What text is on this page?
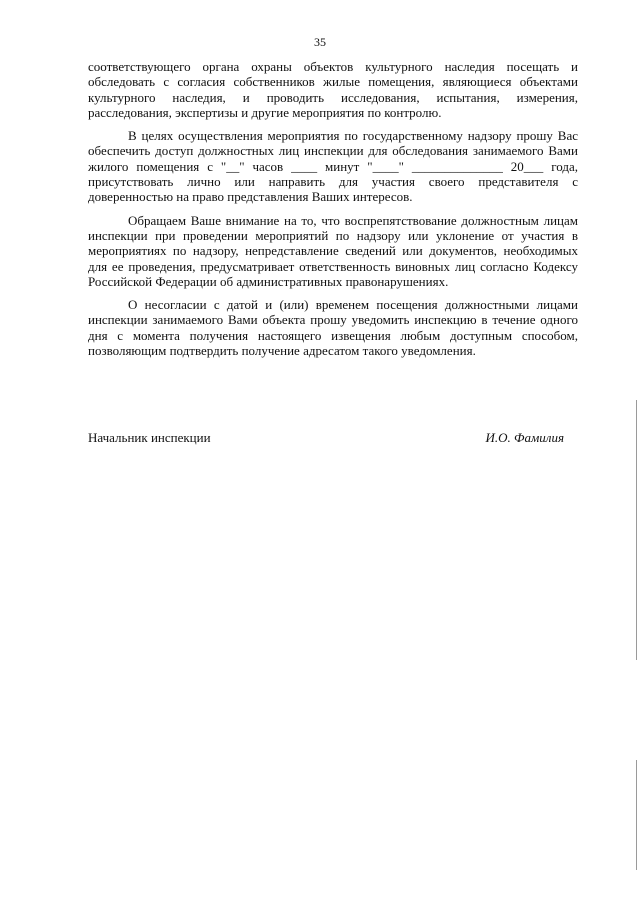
35

соответствующего органа охраны объектов культурного наследия посещать и обследовать с согласия собственников жилые помещения, являющиеся объектами культурного наследия, и проводить исследования, испытания, измерения, расследования, экспертизы и другие мероприятия по контролю.

В целях осуществления мероприятия по государственному надзору прошу Вас обеспечить доступ должностных лиц инспекции для обследования занимаемого Вами жилого помещения с "__" часов ____ минут "____" ______________ 20___ года, присутствовать лично или направить для участия своего представителя с доверенностью на право представления Ваших интересов.

Обращаем Ваше внимание на то, что воспрепятствование должностным лицам инспекции при проведении мероприятий по надзору или уклонение от участия в мероприятиях по надзору, непредставление сведений или документов, необходимых для ее проведения, предусматривает ответственность виновных лиц согласно Кодексу Российской Федерации об административных правонарушениях.

О несогласии с датой и (или) временем посещения должностными лицами инспекции занимаемого Вами объекта прошу уведомить инспекцию в течение одного дня с момента получения настоящего извещения любым доступным способом, позволяющим подтвердить получение адресатом такого уведомления.

Начальник инспекции	И.О. Фамилия
